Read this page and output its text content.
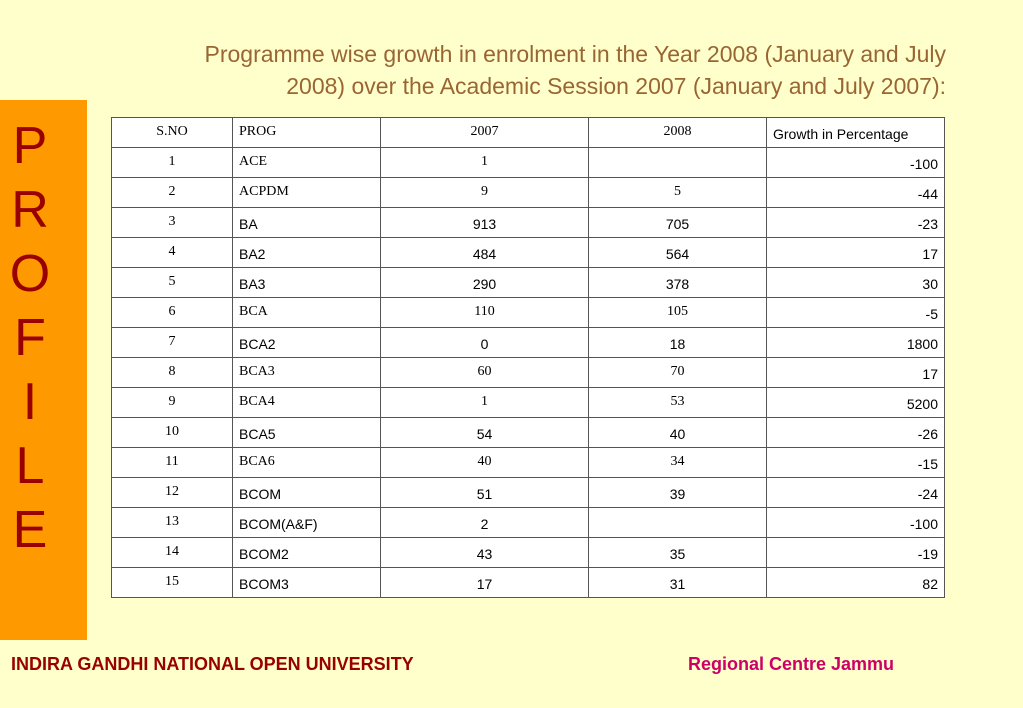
Programme wise growth in enrolment in the Year 2008 (January and July
2008) over the Academic Session 2007 (January and July 2007):
P
R
O
F
I
L
E
S.NO	PROG	2007	2008	Growth in Percentage
1	ACE	1		-100
2	ACPDM	9	5	-44
3	BA	913	705	-23
4	BA2	484	564	17
5	BA3	290	378	30
6	BCA	110	105	-5
7	BCA2	0	18	1800
8	BCA3	60	70	17
9	BCA4	1	53	5200
10	BCA5	54	40	-26
11	BCA6	40	34	-15
12	BCOM	51	39	-24
13	BCOM(A&F)	2		-100
14	BCOM2	43	35	-19
15	BCOM3	17	31	82
INDIRA GANDHI NATIONAL OPEN UNIVERSITY	Regional Centre Jammu
